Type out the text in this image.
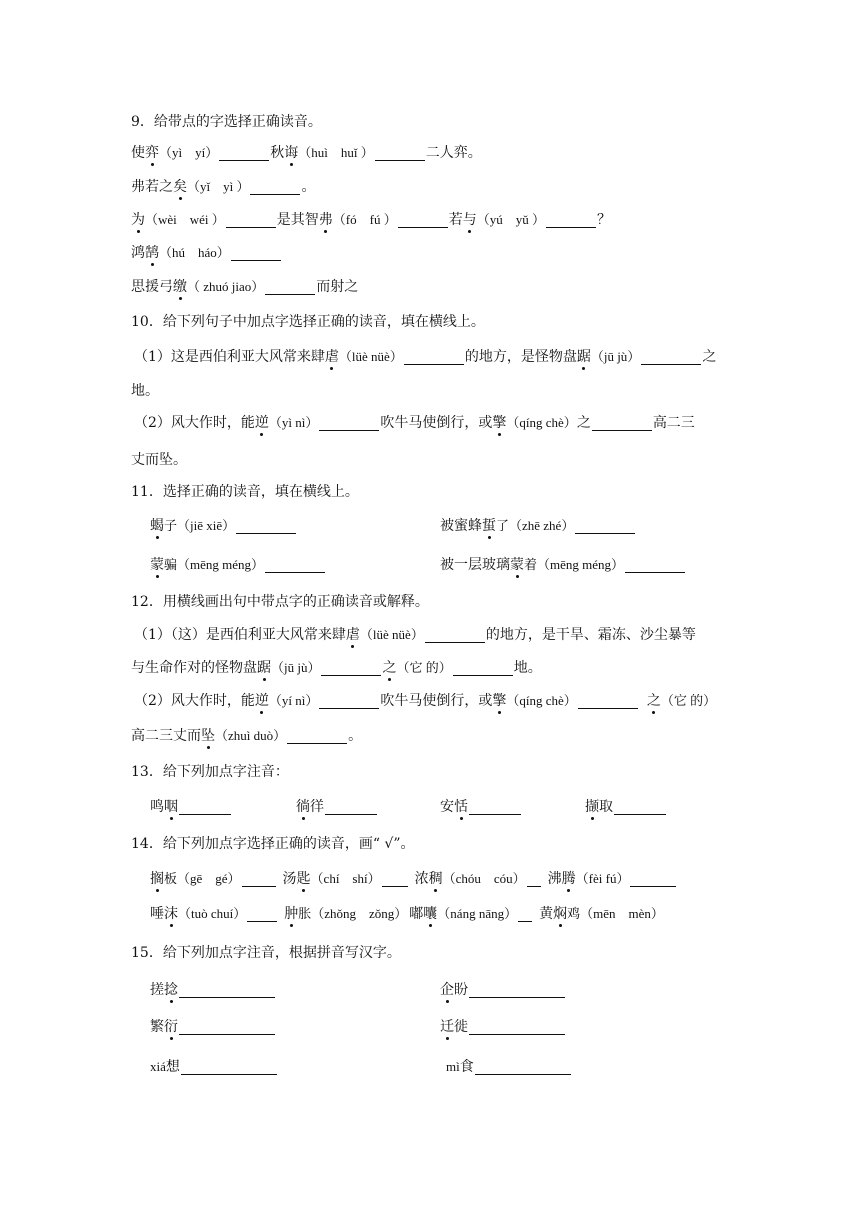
9．给带点的字选择正确读音。
使 弈 （yì　yí）	秋 诲 （huì　huǐ ）	二人弈。
弗若之 矣 （yǐ　yì ）	。
为 （wèi　wéi ）	是其智 弗 （fó　fú ）	若 与 （yú　yǔ ）	？
鸿 鹄 （hú　háo）
思援弓 缴 （ zhuó jiao）	而射之
10．给下列句子中加点字选择正确的读音，填在横线上。
（1）这是西伯利亚大风常来肆 虐 （lüè nüè）	的地方，是怪物盘 踞 （jū jù）	之
地。
（2）风大作时，能 逆 （yì nì）	吹牛马使倒行，或 擎 （qíng chè） 之	高二三
丈而坠。
11．选择正确的读音，填在横线上。
蝎 子（jiē xiē）	被蜜蜂 蜇 了（zhē zhé）
蒙 骗（mēng méng）	被一层玻璃 蒙 着（mēng méng）
12．用横线画出句中带点字的正确读音或解释。
（1）（这）是西伯利亚大风常来肆 虐 （lüè nüè）	的地方，是干旱、霜冻、沙尘暴等
与生命作对的怪物盘 踞 （jū jù）	之 （它 的）	地。
（2）风大作时，能 逆 （yí nì）	吹牛马使倒行，或 擎 （qíng chè）	之 （它 的）
高二三丈而 坠 （zhuì duò）	。
13．给下列加点字注音：
鸣 咽	徜 徉	安 恬	撷 取
14．给下列加点字选择正确的读音，画“ √”。
搁 板（gē　gé）	汤 匙 （chí　shí） 浓 稠 （chóu　cóu） 沸 腾 （fèi fú）
唾 沫 （tuò chuí）	肿 胀（zhǒng　zǒng） 嘟 囔 （náng nāng） 黄 焖 鸡（mēn　mèn）
15．给下列加点字注音，根据拼音写汉字。
搓 捻	企 盼
繁 衍	迁 徙
xiá 想	mì 食
